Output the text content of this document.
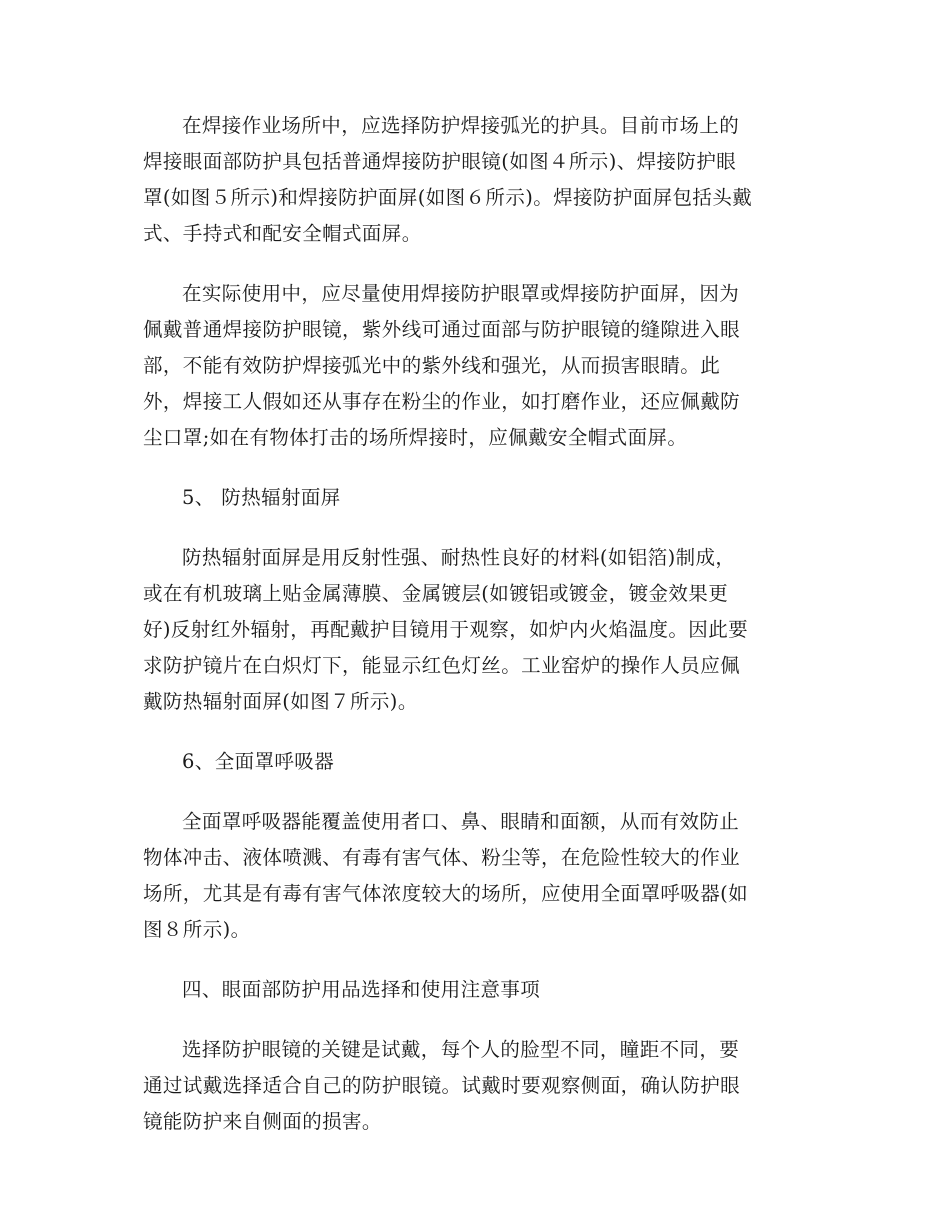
在焊接作业场所中，应选择防护焊接弧光的护具。目前市场上的
焊接眼面部防护具包括普通焊接防护眼镜(如图４所示)、焊接防护眼
罩(如图５所示)和焊接防护面屏(如图６所示)。焊接防护面屏包括头戴
式、手持式和配安全帽式面屏。
在实际使用中，应尽量使用焊接防护眼罩或焊接防护面屏，因为
佩戴普通焊接防护眼镜，紫外线可通过面部与防护眼镜的缝隙进入眼
部，不能有效防护焊接弧光中的紫外线和强光，从而损害眼睛。此
外，焊接工人假如还从事存在粉尘的作业，如打磨作业，还应佩戴防
尘口罩;如在有物体打击的场所焊接时，应佩戴安全帽式面屏。
5、 防热辐射面屏
防热辐射面屏是用反射性强、耐热性良好的材料(如铝箔)制成，
或在有机玻璃上贴金属薄膜、金属镀层(如镀铝或镀金，镀金效果更
好)反射红外辐射，再配戴护目镜用于观察，如炉内火焰温度。因此要
求防护镜片在白炽灯下，能显示红色灯丝。工业窑炉的操作人员应佩
戴防热辐射面屏(如图７所示)。
6、全面罩呼吸器
全面罩呼吸器能覆盖使用者口、鼻、眼睛和面额，从而有效防止
物体冲击、液体喷溅、有毒有害气体、粉尘等，在危险性较大的作业
场所，尤其是有毒有害气体浓度较大的场所，应使用全面罩呼吸器(如
图８所示)。
四、眼面部防护用品选择和使用注意事项
选择防护眼镜的关键是试戴，每个人的脸型不同，瞳距不同，要
通过试戴选择适合自己的防护眼镜。试戴时要观察侧面，确认防护眼
镜能防护来自侧面的损害。
